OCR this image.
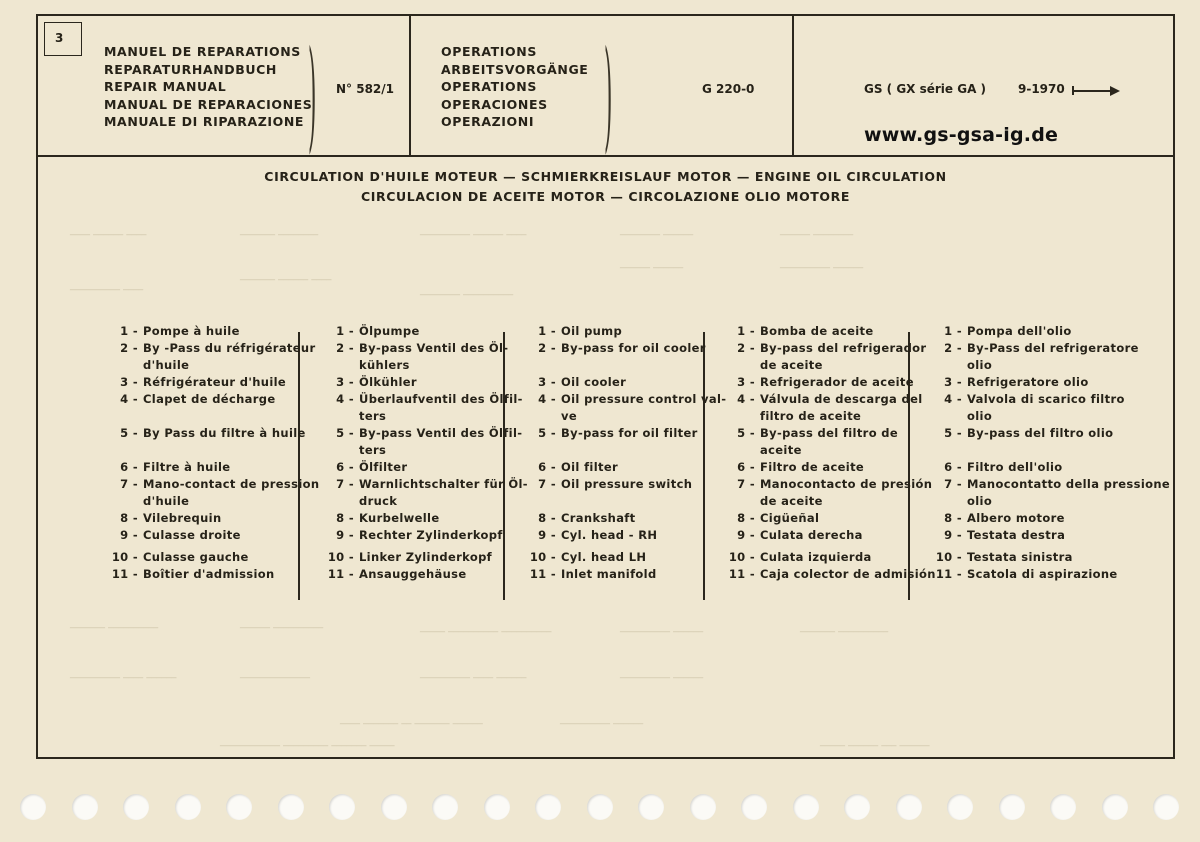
____ ______ ____	_______ ________	__________ ______ ____	________ ______	______ ________
__________ ____
_______ ______ ____
________ __________
______ ______	__________ ______
_______ __________	______ __________	_____ __________ __________	__________ ______	_______ __________
__________ ____ ______	______________	__________ ____ ______	__________ ______
____ _______ __ _______ ______	__________ ______
____________ _________ _______ _____	_____ ______ ___ ______
3
MANUEL DE REPARATIONS
REPARATURHANDBUCH
REPAIR MANUAL
MANUAL DE REPARACIONES
MANUALE DI RIPARAZIONE ) N° 582/1
OPERATIONS
ARBEITSVORGÄNGE
OPERATIONS
OPERACIONES
OPERAZIONI )	G 220-0	GS ( GX série GA )	9-1970
www.gs-gsa-ig.de
CIRCULATION D'HUILE MOTEUR — SCHMIERKREISLAUF MOTOR — ENGINE OIL CIRCULATION
CIRCULACION DE ACEITE MOTOR — CIRCOLAZIONE OLIO MOTORE
1 - Pompe à huile
2 - By -Pass du réfrigérateur
d'huile
3 - Réfrigérateur d'huile
4 - Clapet de décharge
5 - By Pass du filtre à huile
6 - Filtre à huile
7 - Mano-contact de pression
d'huile
8 - Vilebrequin
9 - Culasse droite
10 - Culasse gauche
11 - Boîtier d'admission
1 - Ölpumpe
2 - By-pass Ventil des Öl-
kühlers
3 - Ölkühler
4 - Überlaufventil des Ölfil-
ters
5 - By-pass Ventil des Ölfil-
ters
6 - Ölfilter
7 - Warnlichtschalter für Öl-
druck
8 - Kurbelwelle
9 - Rechter Zylinderkopf
10 - Linker Zylinderkopf
11 - Ansauggehäuse
1 - Oil pump
2 - By-pass for oil cooler
3 - Oil cooler
4 - Oil pressure control val-
ve
5 - By-pass for oil filter
6 - Oil filter
7 - Oil pressure switch
8 - Crankshaft
9 - Cyl. head - RH
10 - Cyl. head LH
11 - Inlet manifold
1 - Bomba de aceite
2 - By-pass del refrigerador
de aceite
3 - Refrigerador de aceite
4 - Válvula de descarga del
filtro de aceite
5 - By-pass del filtro de
aceite
6 - Filtro de aceite
7 - Manocontacto de presión
de aceite
8 - Cigüeñal
9 - Culata derecha
10 - Culata izquierda
11 - Caja colector de admisión
1 - Pompa dell'olio
2 - By-Pass del refrigeratore
olio
3 - Refrigeratore olio
4 - Valvola di scarico filtro
olio
5 - By-pass del filtro olio
6 - Filtro dell'olio
7 - Manocontatto della pressione
olio
8 - Albero motore
9 - Testata destra
10 - Testata sinistra
11 - Scatola di aspirazione
